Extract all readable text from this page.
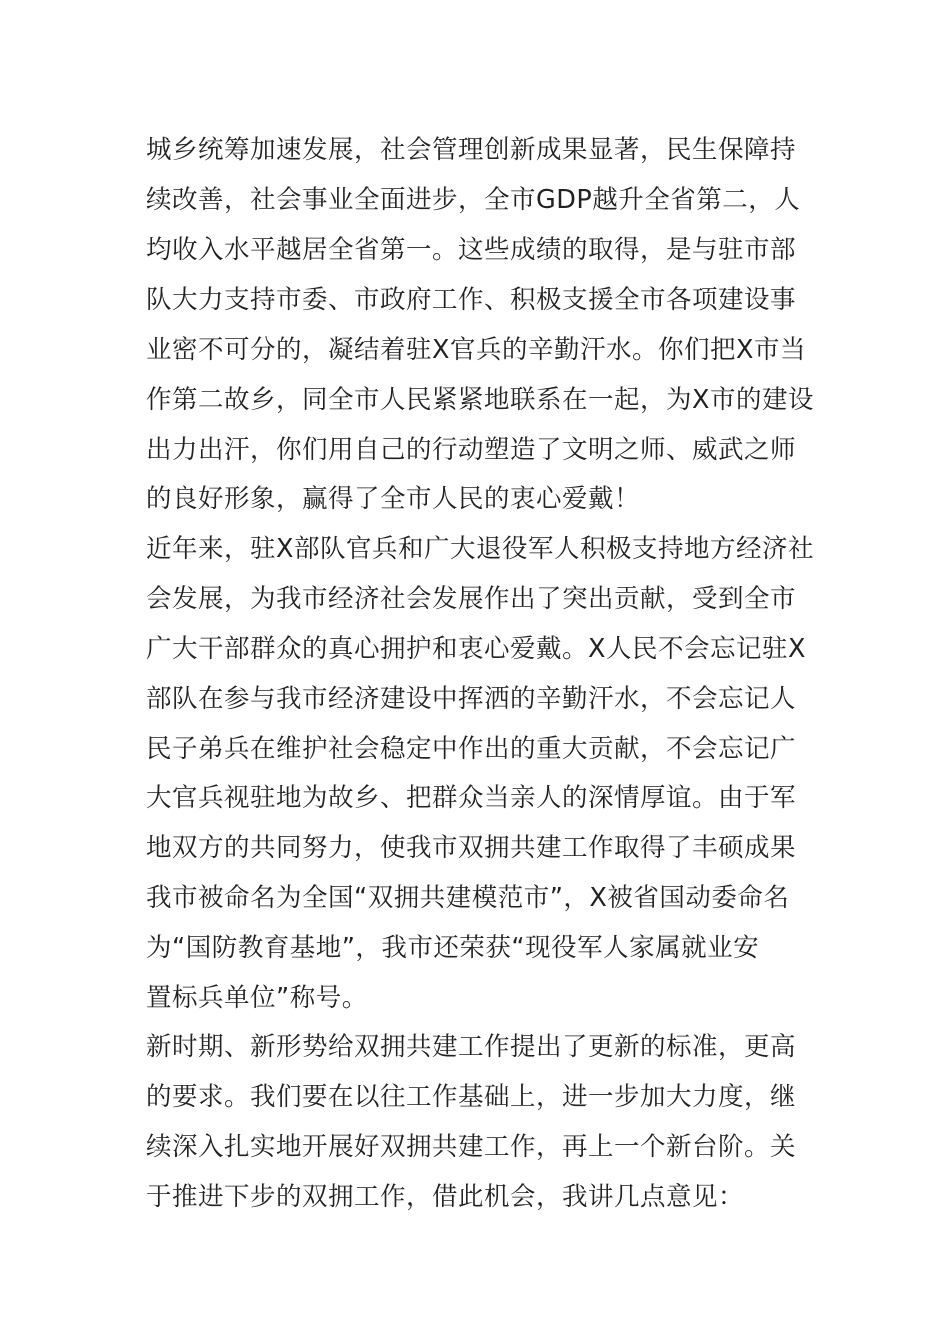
城乡统筹加速发展，社会管理创新成果显著，民生保障持
续改善，社会事业全面进步，全市GDP越升全省第二，人
均收入水平越居全省第一。这些成绩的取得，是与驻市部
队大力支持市委、市政府工作、积极支援全市各项建设事
业密不可分的，凝结着驻X官兵的辛勤汗水。你们把X市当
作第二故乡，同全市人民紧紧地联系在一起，为X市的建设
出力出汗，你们用自己的行动塑造了文明之师、威武之师
的良好形象，赢得了全市人民的衷心爱戴！
近年来，驻X部队官兵和广大退役军人积极支持地方经济社
会发展，为我市经济社会发展作出了突出贡献，受到全市
广大干部群众的真心拥护和衷心爱戴。X人民不会忘记驻X
部队在参与我市经济建设中挥洒的辛勤汗水，不会忘记人
民子弟兵在维护社会稳定中作出的重大贡献，不会忘记广
大官兵视驻地为故乡、把群众当亲人的深情厚谊。由于军
地双方的共同努力，使我市双拥共建工作取得了丰硕成果
我市被命名为全国“双拥共建模范市”，X被省国动委命名
为“国防教育基地”，我市还荣获“现役军人家属就业安
置标兵单位”称号。
新时期、新形势给双拥共建工作提出了更新的标准，更高
的要求。我们要在以往工作基础上，进一步加大力度，继
续深入扎实地开展好双拥共建工作，再上一个新台阶。关
于推进下步的双拥工作，借此机会，我讲几点意见：
